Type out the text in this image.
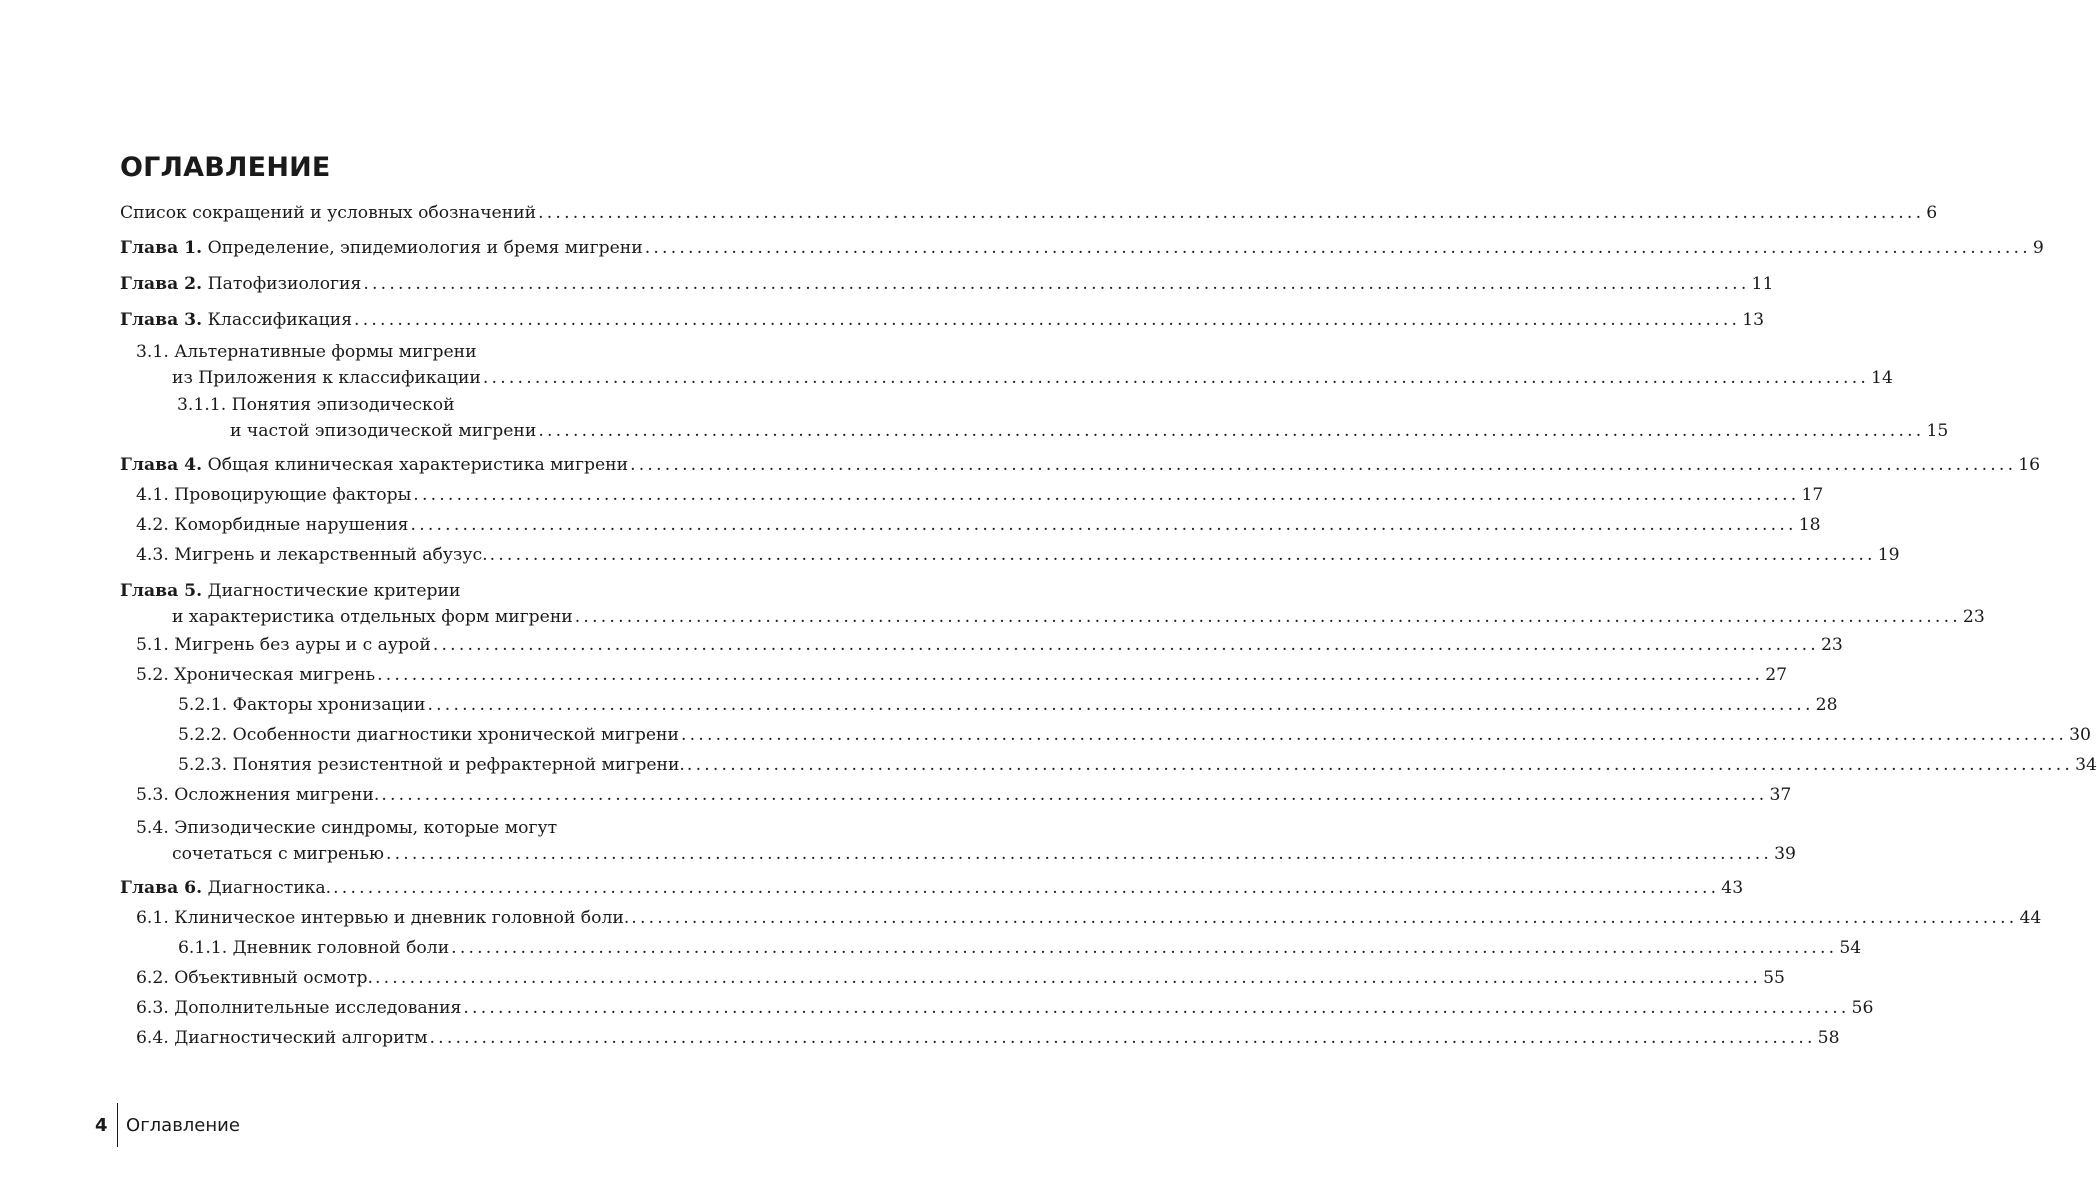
ОГЛАВЛЕНИЕ
Список сокращений и условных обозначений ................................................................................................................................................................ 6
Глава 1. Определение, эпидемиология и бремя мигрени ................................................................................................................................................................ 9
Глава 2. Патофизиология ................................................................................................................................................................ 11
Глава 3. Классификация ................................................................................................................................................................ 13
3.1. Альтернативные формы мигрени
из Приложения к классификации ................................................................................................................................................................ 14
3.1.1. Понятия эпизодической
и частой эпизодической мигрени ................................................................................................................................................................ 15
Глава 4. Общая клиническая характеристика мигрени ................................................................................................................................................................ 16
4.1. Провоцирующие факторы ................................................................................................................................................................ 17
4.2. Коморбидные нарушения ................................................................................................................................................................ 18
4.3. Мигрень и лекарственный абузус. ................................................................................................................................................................ 19
Глава 5. Диагностические критерии
и характеристика отдельных форм мигрени ................................................................................................................................................................ 23
5.1. Мигрень без ауры и с аурой ................................................................................................................................................................ 23
5.2. Хроническая мигрень ................................................................................................................................................................ 27
5.2.1. Факторы хронизации ................................................................................................................................................................ 28
5.2.2. Особенности диагностики хронической мигрени ................................................................................................................................................................ 30
5.2.3. Понятия резистентной и рефрактерной мигрени. ................................................................................................................................................................ 34
5.3. Осложнения мигрени. ................................................................................................................................................................ 37
5.4. Эпизодические синдромы, которые могут
сочетаться с мигренью ................................................................................................................................................................ 39
Глава 6. Диагностика. ................................................................................................................................................................ 43
6.1. Клиническое интервью и дневник головной боли. ................................................................................................................................................................ 44
6.1.1. Дневник головной боли ................................................................................................................................................................ 54
6.2. Объективный осмотр. ................................................................................................................................................................ 55
6.3. Дополнительные исследования ................................................................................................................................................................ 56
6.4. Диагностический алгоритм ................................................................................................................................................................ 58
4	Оглавление
